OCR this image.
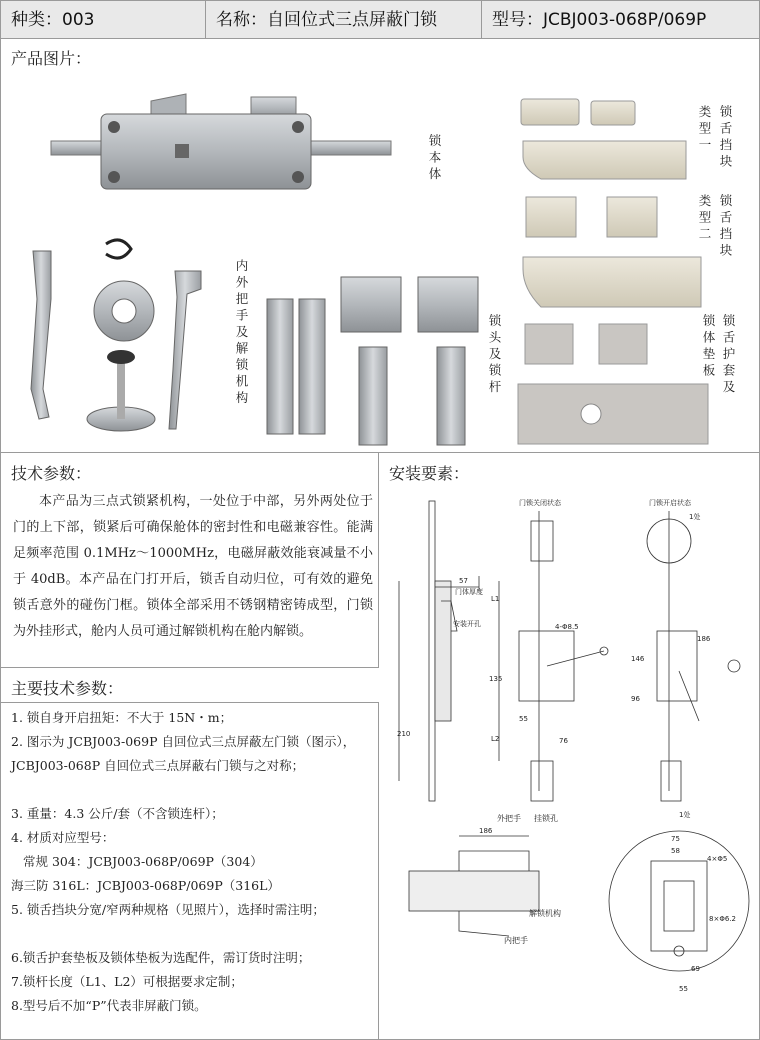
种类：003	名称：自回位式三点屏蔽门锁	型号：JCBJ003-068P/069P
产品图片：
锁本体
内外把手及解锁机构	锁头及锁杆
类型一 锁舌挡块
类型二 锁舌挡块
锁体垫板 锁舌护套及
技术参数：
本产品为三点式锁紧机构，一处位于中部，另外两处位于门的上下部，锁紧后可确保舱体的密封性和电磁兼容性。能满足频率范围 0.1MHz～1000MHz，电磁屏蔽效能衰减量不小于 40dB。本产品在门打开后，锁舌自动归位，可有效的避免锁舌意外的碰伤门框。锁体全部采用不锈钢精密铸成型，门锁为外挂形式，舱内人员可通过解锁机构在舱内解锁。
主要技术参数：
1. 锁自身开启扭矩：不大于 15N・m；
2. 图示为 JCBJ003-069P 自回位式三点屏蔽左门锁（图示）， JCBJ003-068P 自回位式三点屏蔽右门锁与之对称；
3. 重量：4.3 公斤/套（不含锁连杆）；
4. 材质对应型号：
常规 304：JCBJ003-068P/069P（304）
海三防 316L：JCBJ003-068P/069P（316L）
5. 锁舌挡块分宽/窄两种规格（见照片），选择时需注明；
6.锁舌护套垫板及锁体垫板为选配件，需订货时注明；
7.锁杆长度（L1、L2）可根据要求定制；
8.型号后不加“P”代表非屏蔽门锁。
安装要素：
57
门体厚度
安装开孔
210
门锁关闭状态
L1
L2
4-Φ8.5
55
76
135
门锁开启状态
1处
186
146
96
186
外把手 挂锁孔
解锁机构
内把手
1处
75
58
4×Φ5
8×Φ6.2
69
55
